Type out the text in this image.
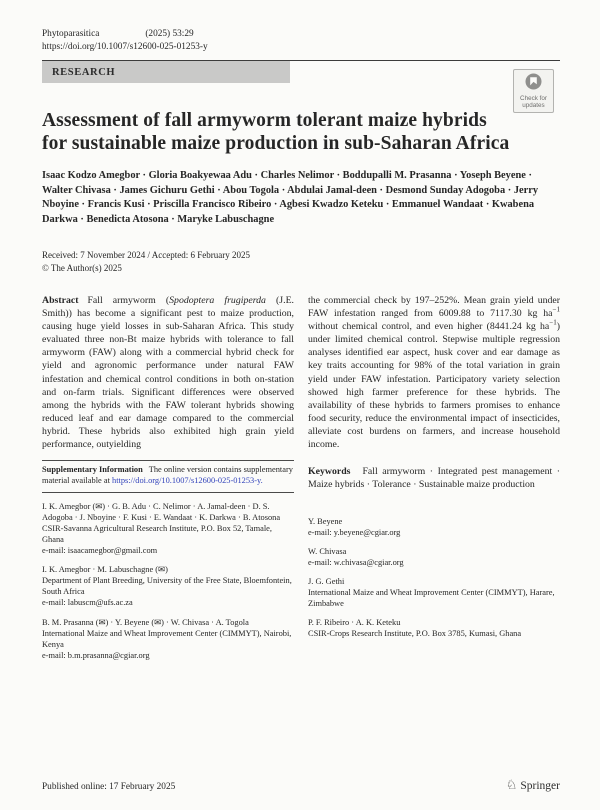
Phytoparasitica	(2025) 53:29
https://doi.org/10.1007/s12600-025-01253-y
RESEARCH
Check for
updates
Assessment of fall armyworm tolerant maize hybrids
for sustainable maize production in sub-Saharan Africa
Isaac Kodzo Amegbor · Gloria Boakyewaa Adu · Charles Nelimor · Boddupalli M. Prasanna · Yoseph Beyene · Walter Chivasa · James Gichuru Gethi · Abou Togola · Abdulai Jamal-deen · Desmond Sunday Adogoba · Jerry Nboyine · Francis Kusi · Priscilla Francisco Ribeiro · Agbesi Kwadzo Keteku · Emmanuel Wandaat · Kwabena Darkwa · Benedicta Atosona · Maryke Labuschagne
Received: 7 November 2024 / Accepted: 6 February 2025
© The Author(s) 2025

Abstract Fall armyworm (Spodoptera frugiperda (J.E. Smith)) has become a significant pest to maize production, causing huge yield losses in sub-Saharan Africa. This study evaluated three non-Bt maize hybrids with tolerance to fall armyworm (FAW) along with a commercial hybrid check for yield and agronomic performance under natural FAW infestation and chemical control conditions in both on-station and on-farm trials. Significant differences were observed among the hybrids with the FAW tolerant hybrids showing reduced leaf and ear damage compared to the commercial hybrid. These hybrids also exhibited high grain yield performance, outyielding

Supplementary Information The online version contains supplementary material available at https://doi.org/10.1007/s12600-025-01253-y.
I. K. Amegbor (✉) · G. B. Adu · C. Nelimor · A. Jamal-deen · D. S. Adogoba · J. Nboyine · F. Kusi · E. Wandaat · K. Darkwa · B. Atosona
CSIR-Savanna Agricultural Research Institute, P.O. Box 52, Tamale, Ghana
e-mail: isaacamegbor@gmail.com
I. K. Amegbor · M. Labuschagne (✉)
Department of Plant Breeding, University of the Free State, Bloemfontein, South Africa
e-mail: labuscm@ufs.ac.za
B. M. Prasanna (✉) · Y. Beyene (✉) · W. Chivasa · A. Togola
International Maize and Wheat Improvement Center (CIMMYT), Nairobi, Kenya
e-mail: b.m.prasanna@cgiar.org

the commercial check by 197–252%. Mean grain yield under FAW infestation ranged from 6009.88 to 7117.30 kg $ha^{-1}$ without chemical control, and even higher (8441.24 kg $ha^{-1}$) under limited chemical control. Stepwise multiple regression analyses identified ear aspect, husk cover and ear damage as key traits accounting for 98% of the total variation in grain yield under FAW infestation. Participatory variety selection showed high farmer preference for these hybrids. The availability of these hybrids to farmers promises to enhance food security, reduce the environmental impact of insecticides, alleviate cost burdens on farmers, and increase household income.

Keywords Fall armyworm · Integrated pest management · Maize hybrids · Tolerance · Sustainable maize production

Y. Beyene
e-mail: y.beyene@cgiar.org
W. Chivasa
e-mail: w.chivasa@cgiar.org
J. G. Gethi
International Maize and Wheat Improvement Center (CIMMYT), Harare, Zimbabwe
P. F. Ribeiro · A. K. Keteku
CSIR-Crops Research Institute, P.O. Box 3785, Kumasi, Ghana
Published online: 17 February 2025	♘ Springer
